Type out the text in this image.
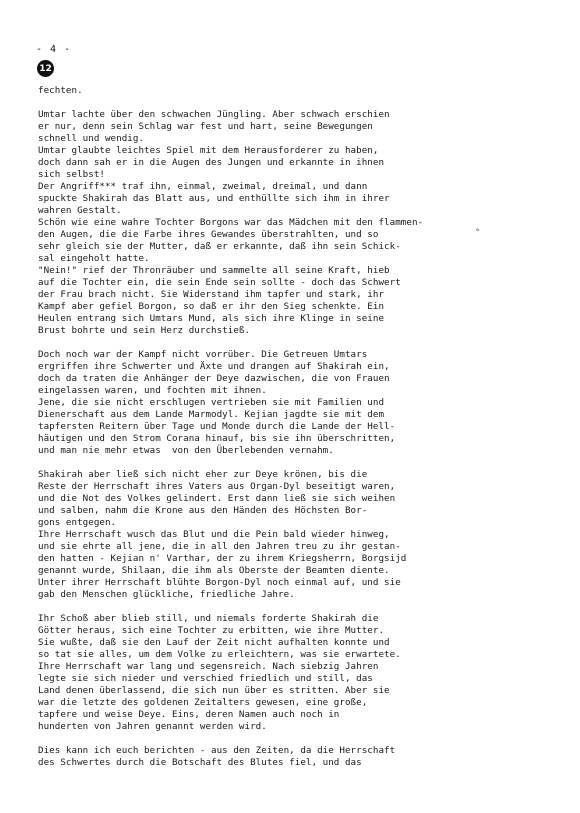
- 4 -
12
°
fechten.
Umtar lachte über den schwachen Jüngling. Aber schwach erschien
er nur, denn sein Schlag war fest und hart, seine Bewegungen
schnell und wendig.
Umtar glaubte leichtes Spiel mit dem Herausforderer zu haben,
doch dann sah er in die Augen des Jungen und erkannte in ihnen
sich selbst!
Der Angriff*** traf ihn, einmal, zweimal, dreimal, und dann
spuckte Shakirah das Blatt aus, und enthüllte sich ihm in ihrer
wahren Gestalt.
Schön wie eine wahre Tochter Borgons war das Mädchen mit den flammen-
den Augen, die die Farbe ihres Gewandes überstrahlten, und so
sehr gleich sie der Mutter, daß er erkannte, daß ihn sein Schick-
sal eingeholt hatte.
"Nein!" rief der Thronräuber und sammelte all seine Kraft, hieb
auf die Tochter ein, die sein Ende sein sollte - doch das Schwert
der Frau brach nicht. Sie Widerstand ihm tapfer und stark, ihr
Kampf aber gefiel Borgon, so daß er ihr den Sieg schenkte. Ein
Heulen entrang sich Umtars Mund, als sich ihre Klinge in seine
Brust bohrte und sein Herz durchstieß.
Doch noch war der Kampf nicht vorrüber. Die Getreuen Umtars
ergriffen ihre Schwerter und Äxte und drangen auf Shakirah ein,
doch da traten die Anhänger der Deye dazwischen, die von Frauen
eingelassen waren, und fochten mit ihnen.
Jene, die sie nicht erschlugen vertrieben sie mit Familien und
Dienerschaft aus dem Lande Marmodyl. Kejian jagdte sie mit dem
tapfersten Reitern über Tage und Monde durch die Lande der Hell-
häutigen und den Strom Corana hinauf, bis sie ihn überschritten,
und man nie mehr etwas  von den Überlebenden vernahm.
Shakirah aber ließ sich nicht eher zur Deye krönen, bis die
Reste der Herrschaft ihres Vaters aus Organ-Dyl beseitigt waren,
und die Not des Volkes gelindert. Erst dann ließ sie sich weihen
und salben, nahm die Krone aus den Händen des Höchsten Bor-
gons entgegen.
Ihre Herrschaft wusch das Blut und die Pein bald wieder hinweg,
und sie ehrte all jene, die in all den Jahren treu zu ihr gestan-
den hatten - Kejian n' Varthar, der zu ihrem Kriegsherrn, Borgsijd
genannt wurde, Shilaan, die ihm als Oberste der Beamten diente.
Unter ihrer Herrschaft blühte Borgon-Dyl noch einmal auf, und sie
gab den Menschen glückliche, friedliche Jahre.
Ihr Schoß aber blieb still, und niemals forderte Shakirah die
Götter heraus, sich eine Tochter zu erbitten, wie ihre Mutter.
Sie wußte, daß sie den Lauf der Zeit nicht aufhalten konnte und
so tat sie alles, um dem Volke zu erleichtern, was sie erwartete.
Ihre Herrschaft war lang und segensreich. Nach siebzig Jahren
legte sie sich nieder und verschied friedlich und still, das
Land denen überlassend, die sich nun über es stritten. Aber sie
war die letzte des goldenen Zeitalters gewesen, eine große,
tapfere und weise Deye. Eins, deren Namen auch noch in
hunderten von Jahren genannt werden wird.
Dies kann ich euch berichten - aus den Zeiten, da die Herrschaft
des Schwertes durch die Botschaft des Blutes fiel, und das
